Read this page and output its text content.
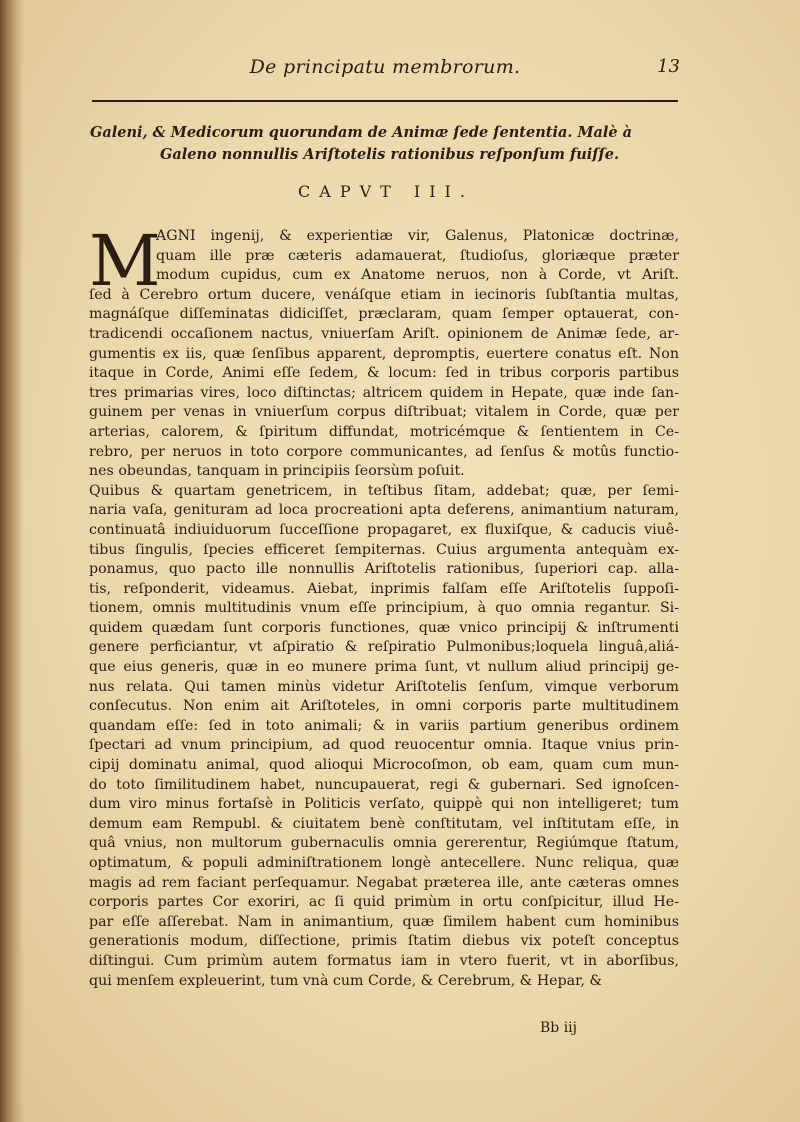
De principatu membrorum.	13
Galeni, & Medicorum quorundam de Animæ ſede ſententia. Malè à
Galeno nonnullis Ariſtotelis rationibus reſponſum fuiſſe.
CAPVT III.
M
AGNI ingenij, & experientiæ vir, Galenus, Platonicæ doctrinæ,
quam ille præ cæteris adamauerat, ſtudioſus, gloriæque præter
modum cupidus, cum ex Anatome neruos, non à Corde, vt Ariſt.
ſed à Cerebro ortum ducere, venáſque etiam in iecinoris ſubſtantia multas,
magnáſque diſſeminatas didiciſſet, præclaram, quam ſemper optauerat, con-
tradicendi occaſionem nactus, vniuerſam Ariſt. opinionem de Animæ ſede, ar-
gumentis ex iis, quæ ſenſibus apparent, depromptis, euertere conatus eſt. Non
itaque in Corde, Animi eſſe ſedem, & locum: ſed in tribus corporis partibus
tres primarias vires, loco diſtinctas; altricem quidem in Hepate, quæ inde ſan-
guinem per venas in vniuerſum corpus diſtribuat; vitalem in Corde, quæ per
arterias, calorem, & ſpiritum diffundat, motricémque & ſentientem in Ce-
rebro, per neruos in toto corpore communicantes, ad ſenſus & motûs functio-
nes obeundas, tanquam in principiis ſeorsùm poſuit.
Quibus & quartam genetricem, in teſtibus ſitam, addebat; quæ, per ſemi-
naria vaſa, genituram ad loca procreationi apta deferens, animantium naturam,
continuatâ indiuiduorum ſucceſſione propagaret, ex fluxiſque, & caducis viuê-
tibus ſingulis, ſpecies efficeret ſempiternas. Cuius argumenta antequàm ex-
ponamus, quo pacto ille nonnullis Ariſtotelis rationibus, ſuperiori cap. alla-
tis, reſponderit, videamus. Aiebat, inprimis falſam eſſe Ariſtotelis ſuppoſi-
tionem, omnis multitudinis vnum eſſe principium, à quo omnia regantur. Si-
quidem quædam ſunt corporis functiones, quæ vnico principij & inſtrumenti
genere perficiantur, vt aſpiratio & reſpiratio Pulmonibus;loquela linguâ,aliá-
que eius generis, quæ in eo munere prima ſunt, vt nullum aliud principij ge-
nus relata. Qui tamen minùs videtur Ariſtotelis ſenſum, vimque verborum
conſecutus. Non enim ait Ariſtoteles, in omni corporis parte multitudinem
quandam eſſe: ſed in toto animali; & in variis partium generibus ordinem
ſpectari ad vnum principium, ad quod reuocentur omnia. Itaque vnius prin-
cipij dominatu animal, quod alioqui Microcoſmon, ob eam, quam cum mun-
do toto ſimilitudinem habet, nuncupauerat, regi & gubernari. Sed ignoſcen-
dum viro minus fortaſsè in Politicis verſato, quippè qui non intelligeret; tum
demum eam Rempubl. & ciuitatem benè conſtitutam, vel inſtitutam eſſe, in
quâ vnius, non multorum gubernaculis omnia gererentur, Regiúmque ſtatum,
optimatum, & populi adminiſtrationem longè antecellere. Nunc reliqua, quæ
magis ad rem faciant perſequamur. Negabat præterea ille, ante cæteras omnes
corporis partes Cor exoriri, ac ſi quid primùm in ortu conſpicitur, illud He-
par eſſe aſſerebat. Nam in animantium, quæ ſimilem habent cum hominibus
generationis modum, diſſectione, primis ſtatim diebus vix poteſt conceptus
diſtingui. Cum primùm autem formatus iam in vtero fuerit, vt in aborſibus,
qui menſem expleuerint, tum vnà cum Corde, & Cerebrum, & Hepar, &
Bb iij
